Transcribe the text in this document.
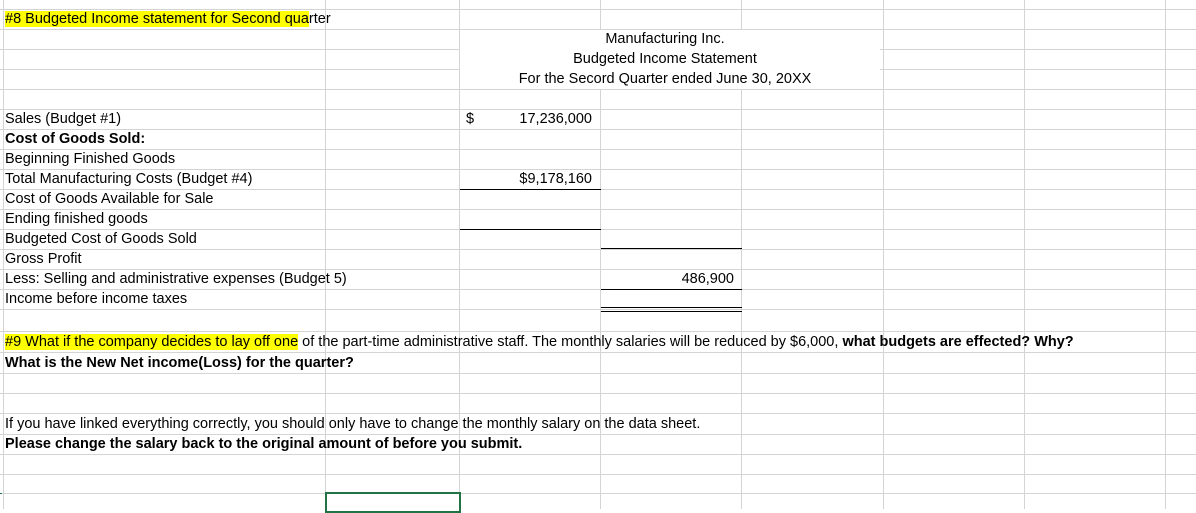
#8 Budgeted Income statement for Second quarter
Manufacturing Inc.
Budgeted Income Statement
For the Secord Quarter ended June 30, 20XX
Sales (Budget #1)
Cost of Goods Sold:
Beginning Finished Goods
Total Manufacturing Costs (Budget #4)
Cost of Goods Available for Sale
Ending finished goods
Budgeted Cost of Goods Sold
Gross Profit
Less: Selling and administrative expenses (Budget 5)
Income before income taxes
$	17,236,000
$9,178,160
486,900
#9 What if the company decides to lay off one of the part-time administrative staff. The monthly salaries will be reduced by $6,000, what budgets are effected? Why?
What is the New Net income(Loss) for the quarter?
If you have linked everything correctly, you should only have to change the monthly salary on the data sheet.
Please change the salary back to the original amount of before you submit.
